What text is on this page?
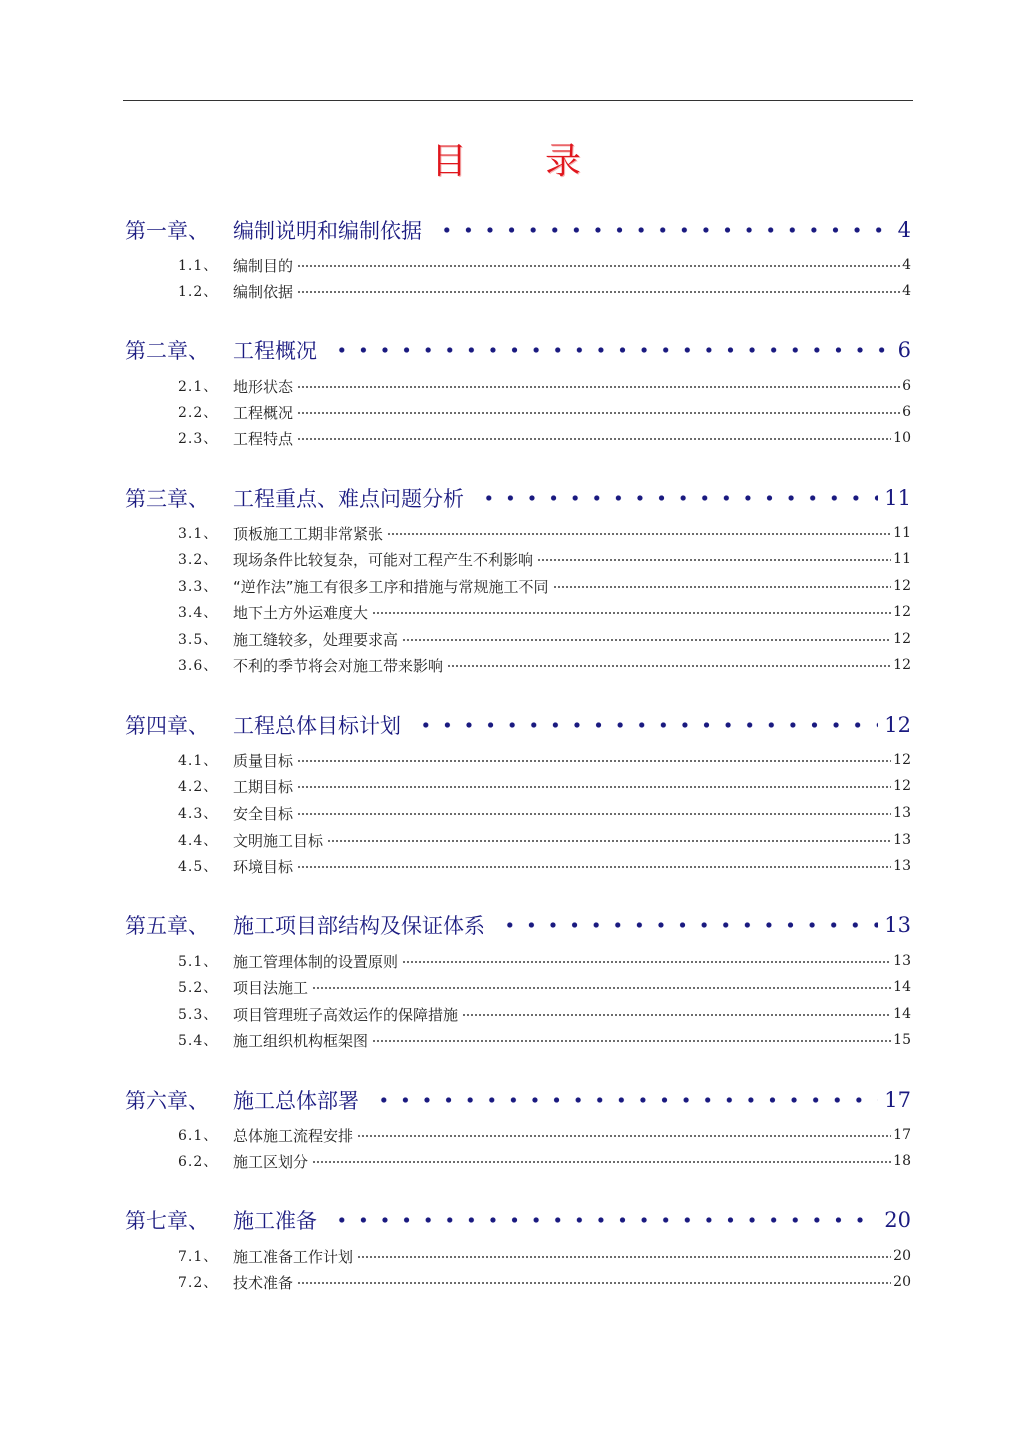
目 录
第一章、	编制说明和编制依据	4
1.1、 编制目的	4
1.2、 编制依据	4
第二章、	工程概况	6
2.1、 地形状态	6
2.2、 工程概况	6
2.3、 工程特点	10
第三章、	工程重点、难点问题分析	11
3.1、 顶板施工工期非常紧张	11
3.2、 现场条件比较复杂，可能对工程产生不利影响	11
3.3、 “逆作法”施工有很多工序和措施与常规施工不同	12
3.4、 地下土方外运难度大	12
3.5、 施工缝较多，处理要求高	12
3.6、 不利的季节将会对施工带来影响	12
第四章、	工程总体目标计划	12
4.1、 质量目标	12
4.2、 工期目标	12
4.3、 安全目标	13
4.4、 文明施工目标	13
4.5、 环境目标	13
第五章、	施工项目部结构及保证体系	13
5.1、 施工管理体制的设置原则	13
5.2、 项目法施工	14
5.3、 项目管理班子高效运作的保障措施	14
5.4、 施工组织机构框架图	15
第六章、	施工总体部署	17
6.1、 总体施工流程安排	17
6.2、 施工区划分	18
第七章、	施工准备	20
7.1、 施工准备工作计划	20
7.2、 技术准备	20
